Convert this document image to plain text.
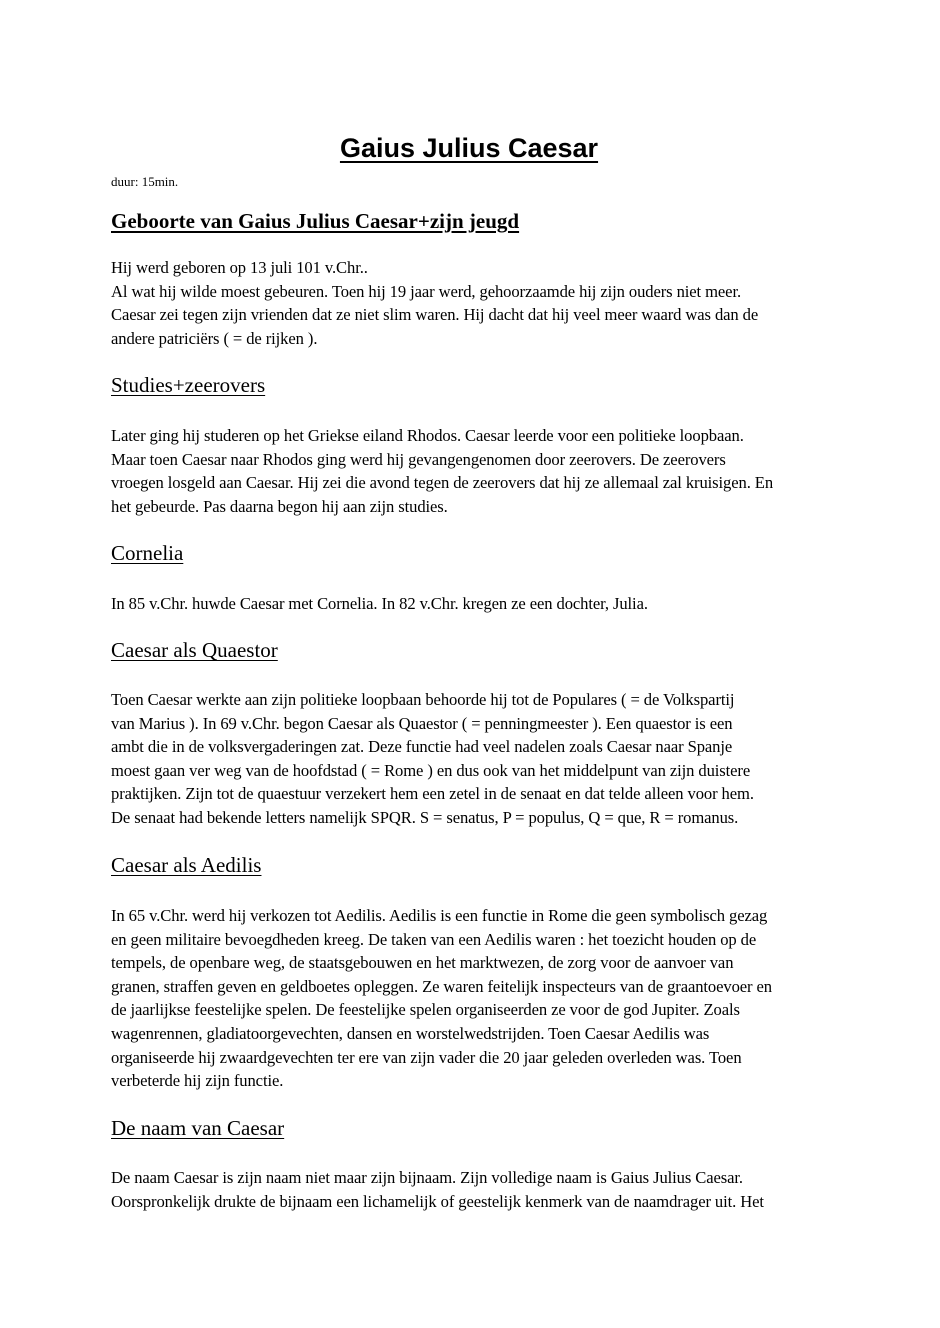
Gaius Julius Caesar

duur: 15min.

Geboorte van Gaius Julius Caesar+zijn jeugd

Hij werd geboren op 13 juli 101 v.Chr..
Al wat hij wilde moest gebeuren. Toen hij 19 jaar werd, gehoorzaamde hij zijn ouders niet meer.
Caesar zei tegen zijn vrienden dat ze niet slim waren. Hij dacht dat hij veel meer waard was dan de
andere patriciërs ( = de rijken ).

Studies+zeerovers

Later ging hij studeren op het Griekse eiland Rhodos. Caesar leerde voor een politieke loopbaan.
Maar toen Caesar naar Rhodos ging werd hij gevangengenomen door zeerovers. De zeerovers
vroegen losgeld aan Caesar. Hij zei die avond tegen de zeerovers dat hij ze allemaal zal kruisigen. En
het gebeurde. Pas daarna begon hij aan zijn studies.

Cornelia

In 85 v.Chr. huwde Caesar met Cornelia. In 82 v.Chr. kregen ze een dochter, Julia.

Caesar als Quaestor

Toen Caesar werkte aan zijn politieke loopbaan behoorde hij tot de Populares ( = de Volkspartij
van Marius ). In 69 v.Chr. begon Caesar als Quaestor ( = penningmeester ). Een quaestor is een
ambt die in de volksvergaderingen zat. Deze functie had veel nadelen zoals Caesar naar Spanje
moest gaan ver weg van de hoofdstad ( = Rome ) en dus ook van het middelpunt van zijn duistere
praktijken. Zijn tot de quaestuur verzekert hem een zetel in de senaat en dat telde alleen voor hem.
De senaat had bekende letters namelijk SPQR. S = senatus, P = populus, Q = que, R = romanus.

Caesar als Aedilis

In 65 v.Chr. werd hij verkozen tot Aedilis. Aedilis is een functie in Rome die geen symbolisch gezag
en geen militaire bevoegdheden kreeg. De taken van een Aedilis waren : het toezicht houden op de
tempels, de openbare weg, de staatsgebouwen en het marktwezen, de zorg voor de aanvoer van
granen, straffen geven en geldboetes opleggen. Ze waren feitelijk inspecteurs van de graantoevoer en
de jaarlijkse feestelijke spelen. De feestelijke spelen organiseerden ze voor de god Jupiter. Zoals
wagenrennen, gladiatoorgevechten, dansen en worstelwedstrijden. Toen Caesar Aedilis was
organiseerde hij zwaardgevechten ter ere van zijn vader die 20 jaar geleden overleden was. Toen
verbeterde hij zijn functie.

De naam van Caesar

De naam Caesar is zijn naam niet maar zijn bijnaam. Zijn volledige naam is Gaius Julius Caesar.
Oorspronkelijk drukte de bijnaam een lichamelijk of geestelijk kenmerk van de naamdrager uit. Het
